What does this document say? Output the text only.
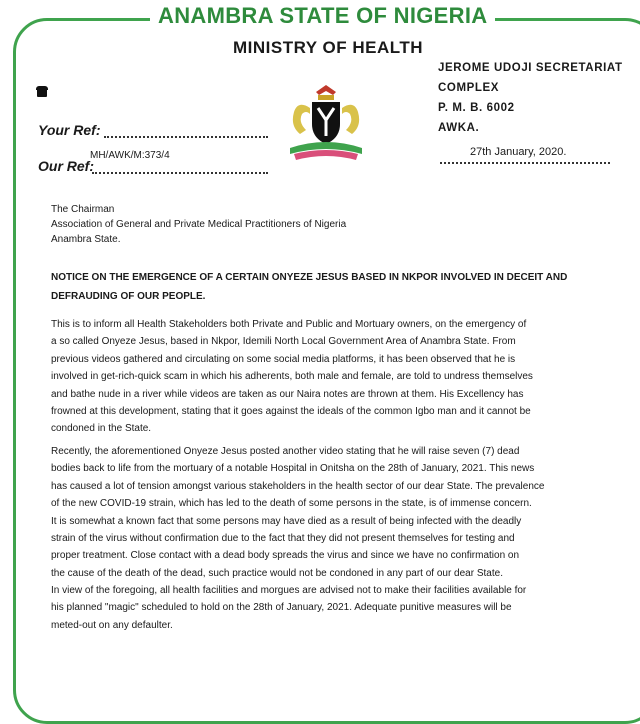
ANAMBRA STATE OF NIGERIA
MINISTRY OF HEALTH
Your Ref:
MH/AWK/M:373/4
Our Ref:
JEROME UDOJI SECRETARIAT
COMPLEX
P. M. B. 6002
AWKA.
27th January, 2020.
The Chairman
Association of General and Private Medical Practitioners of Nigeria
Anambra State.
NOTICE ON THE EMERGENCE OF A CERTAIN ONYEZE JESUS BASED IN NKPOR INVOLVED IN DECEIT AND
DEFRAUDING OF OUR PEOPLE.
This is to inform all Health Stakeholders both Private and Public and Mortuary owners, on the emergency of
a so called Onyeze Jesus, based in Nkpor, Idemili North Local Government Area of Anambra State. From
previous videos gathered and circulating on some social media platforms, it has been observed that he is
involved in get-rich-quick scam in which his adherents, both male and female, are told to undress themselves
and bathe nude in a river while videos are taken as our Naira notes are thrown at them. His Excellency has
frowned at this development, stating that it goes against the ideals of the common Igbo man and it cannot be
condoned in the State.
Recently, the aforementioned Onyeze Jesus posted another video stating that he will raise seven (7) dead
bodies back to life from the mortuary of a notable Hospital in Onitsha on the 28th of January, 2021. This news
has caused a lot of tension amongst various stakeholders in the health sector of our dear State. The prevalence
of the new COVID-19 strain, which has led to the death of some persons in the state, is of immense concern.
It is somewhat a known fact that some persons may have died as a result of being infected with the deadly
strain of the virus without confirmation due to the fact that they did not present themselves for testing and
proper treatment. Close contact with a dead body spreads the virus and since we have no confirmation on
the cause of the death of the dead, such practice would not be condoned in any part of our dear State.
In view of the foregoing, all health facilities and morgues are advised not to make their facilities available for
his planned "magic" scheduled to hold on the 28th of January, 2021. Adequate punitive measures will be
meted-out on any defaulter.
